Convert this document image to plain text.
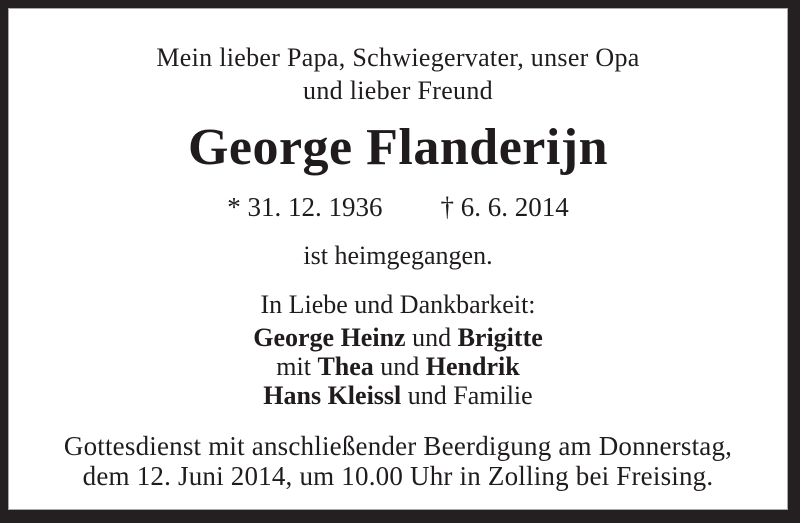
Mein lieber Papa, Schwiegervater, unser Opa
und lieber Freund
George Flanderijn
* 31. 12. 1936 † 6. 6. 2014
ist heimgegangen.
In Liebe und Dankbarkeit:
George Heinz und Brigitte
mit Thea und Hendrik
Hans Kleissl und Familie
Gottesdienst mit anschließender Beerdigung am Donnerstag,
dem 12. Juni 2014, um 10.00 Uhr in Zolling bei Freising.
